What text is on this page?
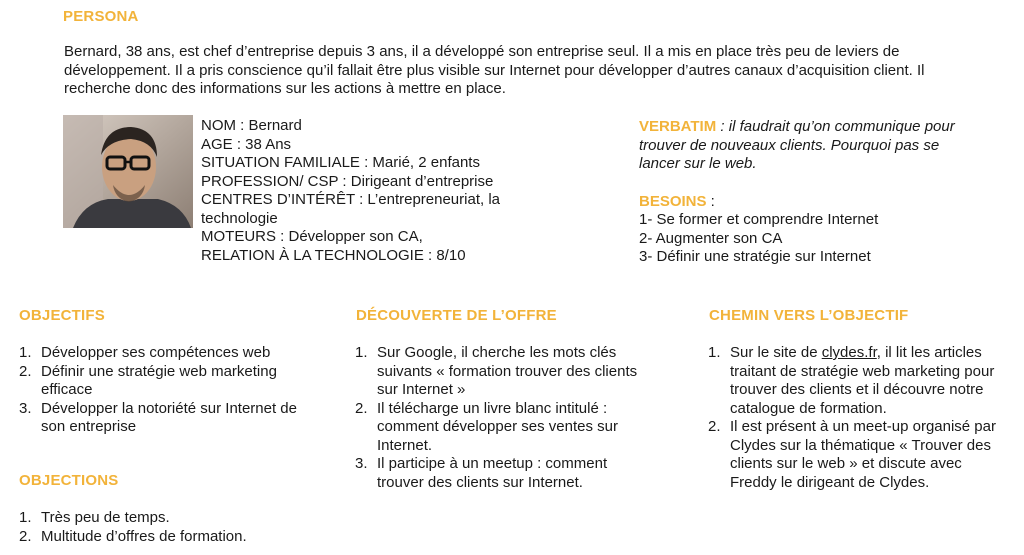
PERSONA
Bernard, 38 ans, est chef d’entreprise depuis 3 ans, il a développé son entreprise seul. Il a mis en place très peu de leviers de développement. Il a pris conscience qu’il fallait être plus visible sur Internet pour développer d’autres canaux d’acquisition client. Il recherche donc des informations sur les actions à mettre en place.
NOM : Bernard
AGE : 38 Ans
SITUATION FAMILIALE : Marié, 2 enfants
PROFESSION/ CSP : Dirigeant d’entreprise
CENTRES D’INTÉRÊT : L’entrepreneuriat, la technologie
MOTEURS : Développer son CA,
RELATION À LA TECHNOLOGIE : 8/10
VERBATIM : il faudrait qu’on communique pour trouver de nouveaux clients. Pourquoi pas se lancer sur le web.
BESOINS :
1- Se former et comprendre Internet
2- Augmenter son CA
3- Définir une stratégie sur Internet
OBJECTIFS
1. Développer ses compétences web
2. Définir une stratégie web marketing efficace
3. Développer la notoriété sur Internet de son entreprise
OBJECTIONS
1. Très peu de temps.
2. Multitude d’offres de formation.
DÉCOUVERTE DE L’OFFRE
1. Sur Google, il cherche les mots clés suivants « formation trouver des clients sur Internet »
2. Il télécharge un livre blanc intitulé : comment développer ses ventes sur Internet.
3. Il participe à un meetup : comment trouver des clients sur Internet.
CHEMIN VERS L’OBJECTIF
1. Sur le site de clydes.fr, il lit les articles traitant de stratégie web marketing pour trouver des clients et il découvre notre catalogue de formation.
2. Il est présent à un meet-up organisé par Clydes sur la thématique « Trouver des clients sur le web » et discute avec Freddy le dirigeant de Clydes.
